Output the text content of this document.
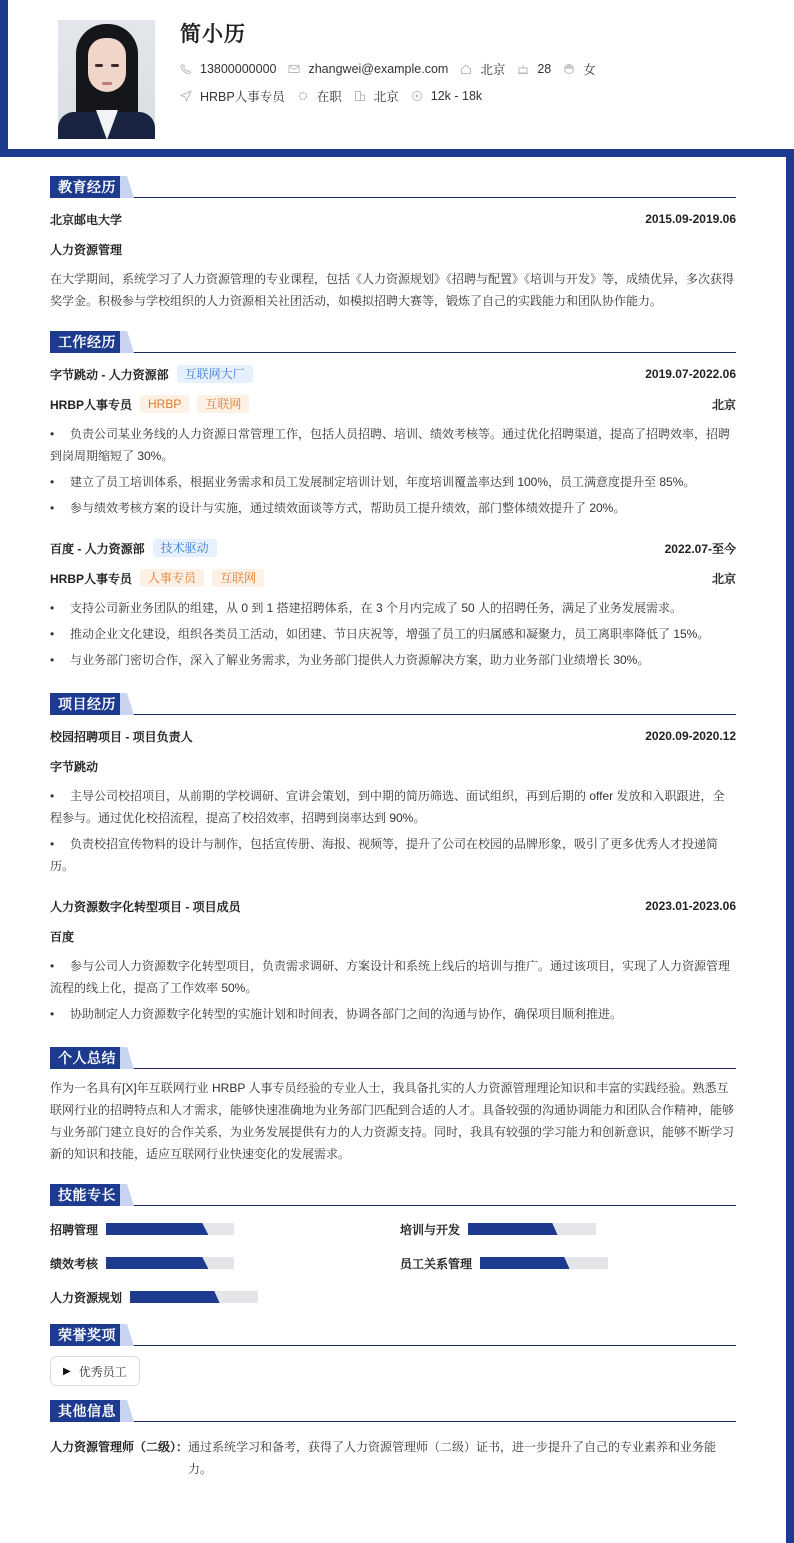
简小历
13800000000	zhangwei@example.com	北京	28	女
HRBP人事专员	在职	北京	12k - 18k
教育经历
北京邮电大学	2015.09-2019.06
人力资源管理
在大学期间，系统学习了人力资源管理的专业课程，包括《人力资源规划》《招聘与配置》《培训与开发》等，成绩优异，多次获得奖学金。积极参与学校组织的人力资源相关社团活动，如模拟招聘大赛等，锻炼了自己的实践能力和团队协作能力。
工作经历
字节跳动 - 人力资源部	互联网大厂	2019.07-2022.06
HRBP人事专员	HRBP	互联网	北京
• 负责公司某业务线的人力资源日常管理工作，包括人员招聘、培训、绩效考核等。通过优化招聘渠道，提高了招聘效率，招聘到岗周期缩短了 30%。
• 建立了员工培训体系，根据业务需求和员工发展制定培训计划，年度培训覆盖率达到 100%，员工满意度提升至 85%。
• 参与绩效考核方案的设计与实施，通过绩效面谈等方式，帮助员工提升绩效，部门整体绩效提升了 20%。
百度 - 人力资源部	技术驱动	2022.07-至今
HRBP人事专员	人事专员	互联网	北京
• 支持公司新业务团队的组建，从 0 到 1 搭建招聘体系，在 3 个月内完成了 50 人的招聘任务，满足了业务发展需求。
• 推动企业文化建设，组织各类员工活动，如团建、节日庆祝等，增强了员工的归属感和凝聚力，员工离职率降低了 15%。
• 与业务部门密切合作，深入了解业务需求，为业务部门提供人力资源解决方案，助力业务部门业绩增长 30%。
项目经历
校园招聘项目 - 项目负责人	2020.09-2020.12
字节跳动
• 主导公司校招项目，从前期的学校调研、宣讲会策划，到中期的简历筛选、面试组织，再到后期的 offer 发放和入职跟进，全程参与。通过优化校招流程，提高了校招效率，招聘到岗率达到 90%。
• 负责校招宣传物料的设计与制作，包括宣传册、海报、视频等，提升了公司在校园的品牌形象，吸引了更多优秀人才投递简历。
人力资源数字化转型项目 - 项目成员	2023.01-2023.06
百度
• 参与公司人力资源数字化转型项目，负责需求调研、方案设计和系统上线后的培训与推广。通过该项目，实现了人力资源管理流程的线上化，提高了工作效率 50%。
• 协助制定人力资源数字化转型的实施计划和时间表，协调各部门之间的沟通与协作，确保项目顺利推进。
个人总结
作为一名具有[X]年互联网行业 HRBP 人事专员经验的专业人士，我具备扎实的人力资源管理理论知识和丰富的实践经验。熟悉互联网行业的招聘特点和人才需求，能够快速准确地为业务部门匹配到合适的人才。具备较强的沟通协调能力和团队合作精神，能够与业务部门建立良好的合作关系，为业务发展提供有力的人力资源支持。同时，我具有较强的学习能力和创新意识，能够不断学习新的知识和技能，适应互联网行业快速变化的发展需求。
技能专长
招聘管理	培训与开发
绩效考核	员工关系管理
人力资源规划
荣誉奖项
▶ 优秀员工
其他信息
人力资源管理师（二级）： 通过系统学习和备考，获得了人力资源管理师（二级）证书，进一步提升了自己的专业素养和业务能力。
